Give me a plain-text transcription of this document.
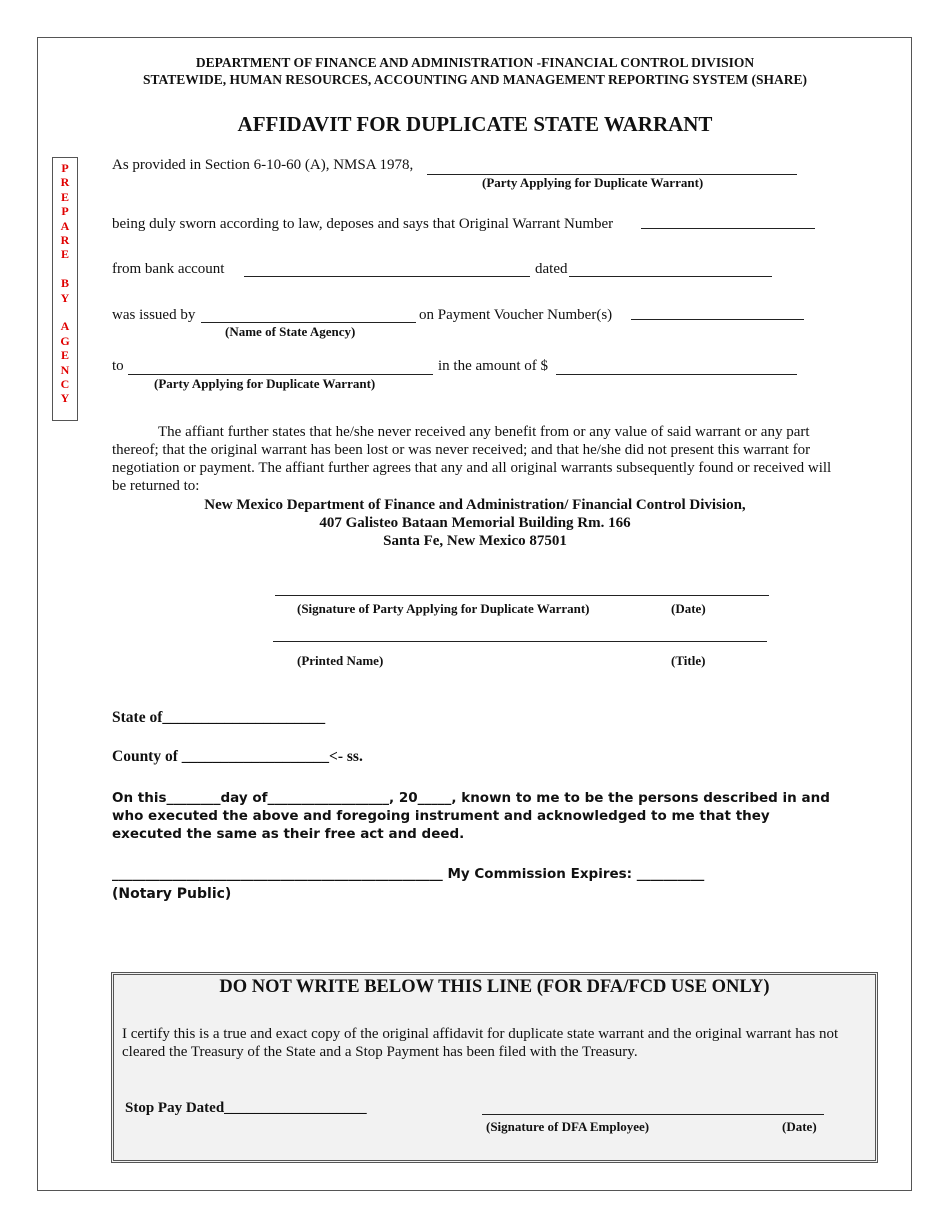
DEPARTMENT OF FINANCE AND ADMINISTRATION -FINANCIAL CONTROL DIVISION
STATEWIDE, HUMAN RESOURCES, ACCOUNTING AND MANAGEMENT REPORTING SYSTEM (SHARE)
AFFIDAVIT FOR DUPLICATE STATE WARRANT
P
R
E
P
A
R
E
B
Y
A
G
E
N
C
Y
As provided in Section 6-10-60 (A), NMSA 1978,
(Party Applying for Duplicate Warrant)
being duly sworn according to law, deposes and says that Original Warrant Number
from bank account	dated
was issued by
(Name of State Agency)
on Payment Voucher Number(s)
to
(Party Applying for Duplicate Warrant)
in the amount of $
The affiant further states that he/she never received any benefit from or any value of said warrant or any part thereof; that the original warrant has been lost or was never received; and that he/she did not present this warrant for negotiation or payment. The affiant further agrees that any and all original warrants subsequently found or received will be returned to:
New Mexico Department of Finance and Administration/ Financial Control Division,
407 Galisteo Bataan Memorial Building Rm. 166
Santa Fe, New Mexico 87501
(Signature of Party Applying for Duplicate Warrant)	(Date)
(Printed Name)	(Title)
State of_____________________
County of ___________________<- ss.
On this________day of__________________, 20_____, known to me to be the persons described in and who executed the above and foregoing instrument and acknowledged to me that they executed the same as their free act and deed.
_________________________________________________ My Commission Expires: __________
(Notary Public)
DO NOT WRITE BELOW THIS LINE (FOR DFA/FCD USE ONLY)
I certify this is a true and exact copy of the original affidavit for duplicate state warrant and the original warrant has not cleared the Treasury of the State and a Stop Payment has been filed with the Treasury.
Stop Pay Dated___________________
(Signature of DFA Employee)	(Date)
